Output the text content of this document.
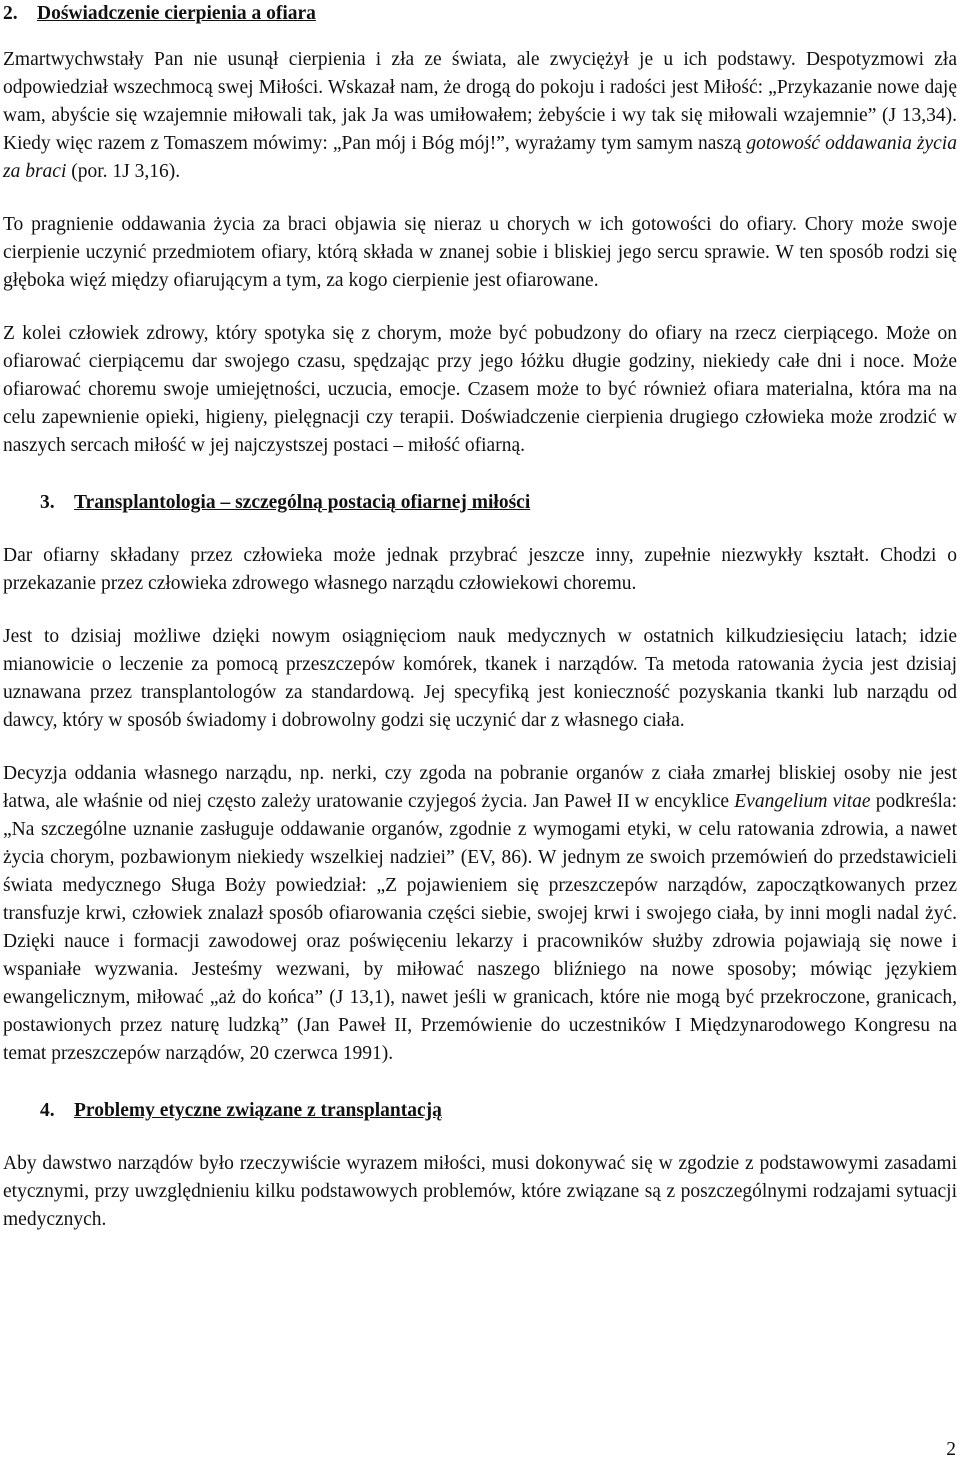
2. Doświadczenie cierpienia a ofiara

Zmartwychwstały Pan nie usunął cierpienia i zła ze świata, ale zwyciężył je u ich podstawy. Despotyzmowi zła odpowiedział wszechmocą swej Miłości. Wskazał nam, że drogą do pokoju i radości jest Miłość: „Przykazanie nowe daję wam, abyście się wzajemnie miłowali tak, jak Ja was umiłowałem; żebyście i wy tak się miłowali wzajemnie” (J 13,34). Kiedy więc razem z Tomaszem mówimy: „Pan mój i Bóg mój!”, wyrażamy tym samym naszą gotowość oddawania życia za braci (por. 1J 3,16).

To pragnienie oddawania życia za braci objawia się nieraz u chorych w ich gotowości do ofiary. Chory może swoje cierpienie uczynić przedmiotem ofiary, którą składa w znanej sobie i bliskiej jego sercu sprawie. W ten sposób rodzi się głęboka więź między ofiarującym a tym, za kogo cierpienie jest ofiarowane.

Z kolei człowiek zdrowy, który spotyka się z chorym, może być pobudzony do ofiary na rzecz cierpiącego. Może on ofiarować cierpiącemu dar swojego czasu, spędzając przy jego łóżku długie godziny, niekiedy całe dni i noce. Może ofiarować choremu swoje umiejętności, uczucia, emocje. Czasem może to być również ofiara materialna, która ma na celu zapewnienie opieki, higieny, pielęgnacji czy terapii. Doświadczenie cierpienia drugiego człowieka może zrodzić w naszych sercach miłość w jej najczystszej postaci – miłość ofiarną.

3. Transplantologia – szczególną postacią ofiarnej miłości

Dar ofiarny składany przez człowieka może jednak przybrać jeszcze inny, zupełnie niezwykły kształt. Chodzi o przekazanie przez człowieka zdrowego własnego narządu człowiekowi choremu.

Jest to dzisiaj możliwe dzięki nowym osiągnięciom nauk medycznych w ostatnich kilkudziesięciu latach; idzie mianowicie o leczenie za pomocą przeszczepów komórek, tkanek i narządów. Ta metoda ratowania życia jest dzisiaj uznawana przez transplantologów za standardową. Jej specyfiką jest konieczność pozyskania tkanki lub narządu od dawcy, który w sposób świadomy i dobrowolny godzi się uczynić dar z własnego ciała.

Decyzja oddania własnego narządu, np. nerki, czy zgoda na pobranie organów z ciała zmarłej bliskiej osoby nie jest łatwa, ale właśnie od niej często zależy uratowanie czyjegoś życia. Jan Paweł II w encyklice Evangelium vitae podkreśla: „Na szczególne uznanie zasługuje oddawanie organów, zgodnie z wymogami etyki, w celu ratowania zdrowia, a nawet życia chorym, pozbawionym niekiedy wszelkiej nadziei” (EV, 86). W jednym ze swoich przemówień do przedstawicieli świata medycznego Sługa Boży powiedział: „Z pojawieniem się przeszczepów narządów, zapoczątkowanych przez transfuzje krwi, człowiek znalazł sposób ofiarowania części siebie, swojej krwi i swojego ciała, by inni mogli nadal żyć. Dzięki nauce i formacji zawodowej oraz poświęceniu lekarzy i pracowników służby zdrowia pojawiają się nowe i wspaniałe wyzwania. Jesteśmy wezwani, by miłować naszego bliźniego na nowe sposoby; mówiąc językiem ewangelicznym, miłować „aż do końca” (J 13,1), nawet jeśli w granicach, które nie mogą być przekroczone, granicach, postawionych przez naturę ludzką” (Jan Paweł II, Przemówienie do uczestników I Międzynarodowego Kongresu na temat przeszczepów narządów, 20 czerwca 1991).

4. Problemy etyczne związane z transplantacją

Aby dawstwo narządów było rzeczywiście wyrazem miłości, musi dokonywać się w zgodzie z podstawowymi zasadami etycznymi, przy uwzględnieniu kilku podstawowych problemów, które związane są z poszczególnymi rodzajami sytuacji medycznych.

2
